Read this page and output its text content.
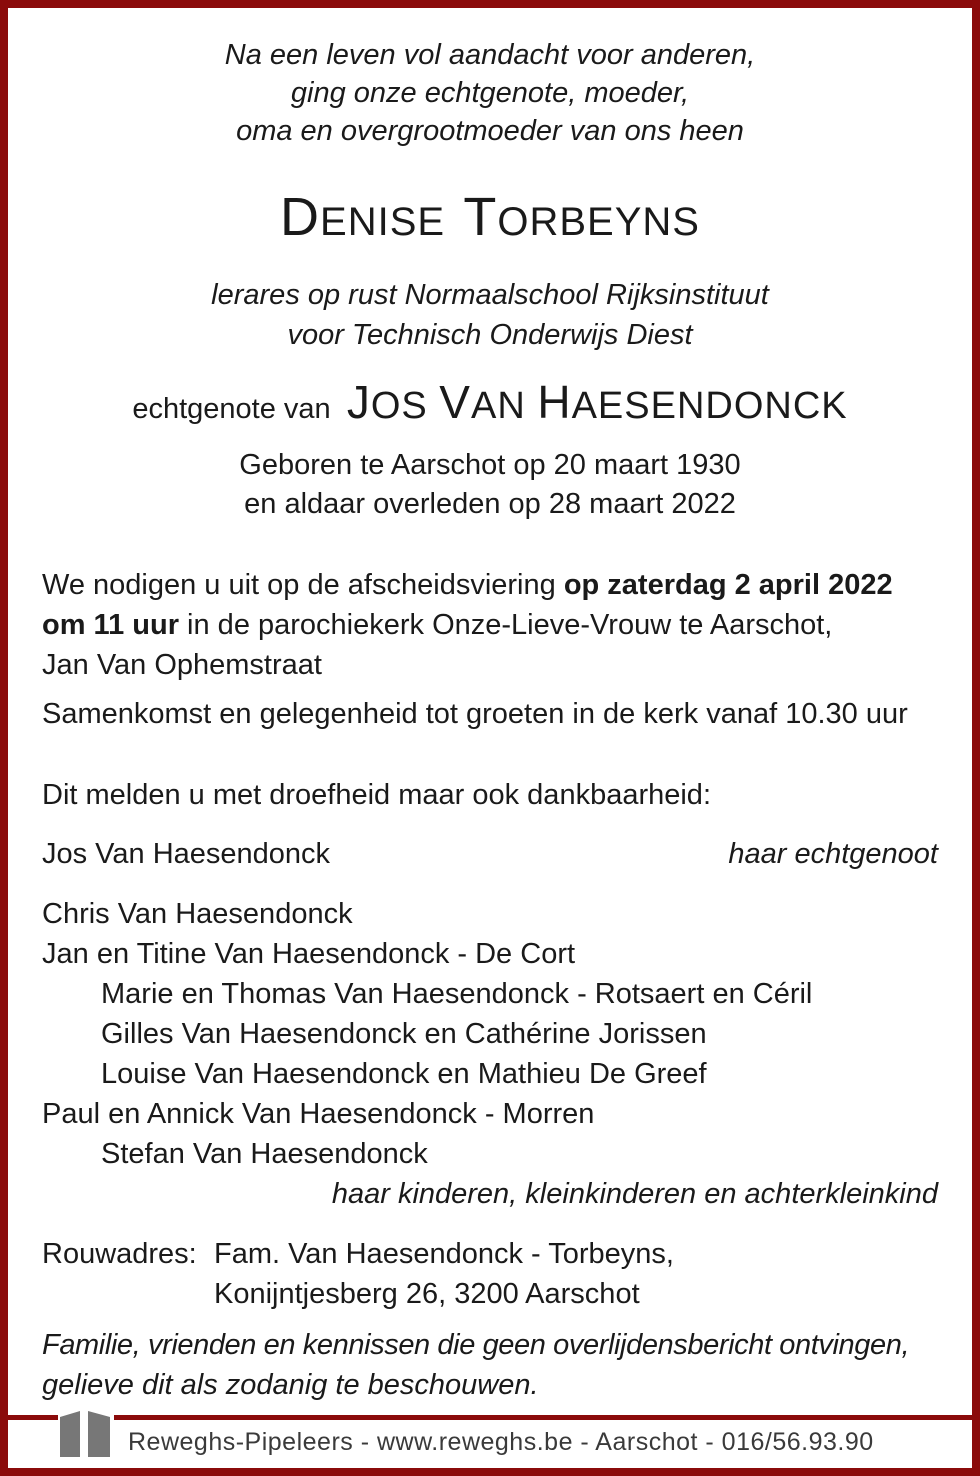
Na een leven vol aandacht voor anderen,
ging onze echtgenote, moeder,
oma en overgrootmoeder van ons heen
DENISE TORBEYNS
lerares op rust Normaalschool Rijksinstituut
voor Technisch Onderwijs Diest
echtgenote van JOS VAN HAESENDONCK
Geboren te Aarschot op 20 maart 1930
en aldaar overleden op 28 maart 2022
We nodigen u uit op de afscheidsviering op zaterdag 2 april 2022
om 11 uur in de parochiekerk Onze-Lieve-Vrouw te Aarschot,
Jan Van Ophemstraat
Samenkomst en gelegenheid tot groeten in de kerk vanaf 10.30 uur
Dit melden u met droefheid maar ook dankbaarheid:
Jos Van Haesendonck	haar echtgenoot
Chris Van Haesendonck
Jan en Titine Van Haesendonck - De Cort
Marie en Thomas Van Haesendonck - Rotsaert en Céril
Gilles Van Haesendonck en Cathérine Jorissen
Louise Van Haesendonck en Mathieu De Greef
Paul en Annick Van Haesendonck - Morren
Stefan Van Haesendonck
haar kinderen, kleinkinderen en achterkleinkind
Rouwadres: Fam. Van Haesendonck - Torbeyns,
Konijntjesberg 26, 3200 Aarschot
Familie, vrienden en kennissen die geen overlijdensbericht ontvingen,
gelieve dit als zodanig te beschouwen.
Reweghs-Pipeleers - www.reweghs.be - Aarschot - 016/56.93.90
